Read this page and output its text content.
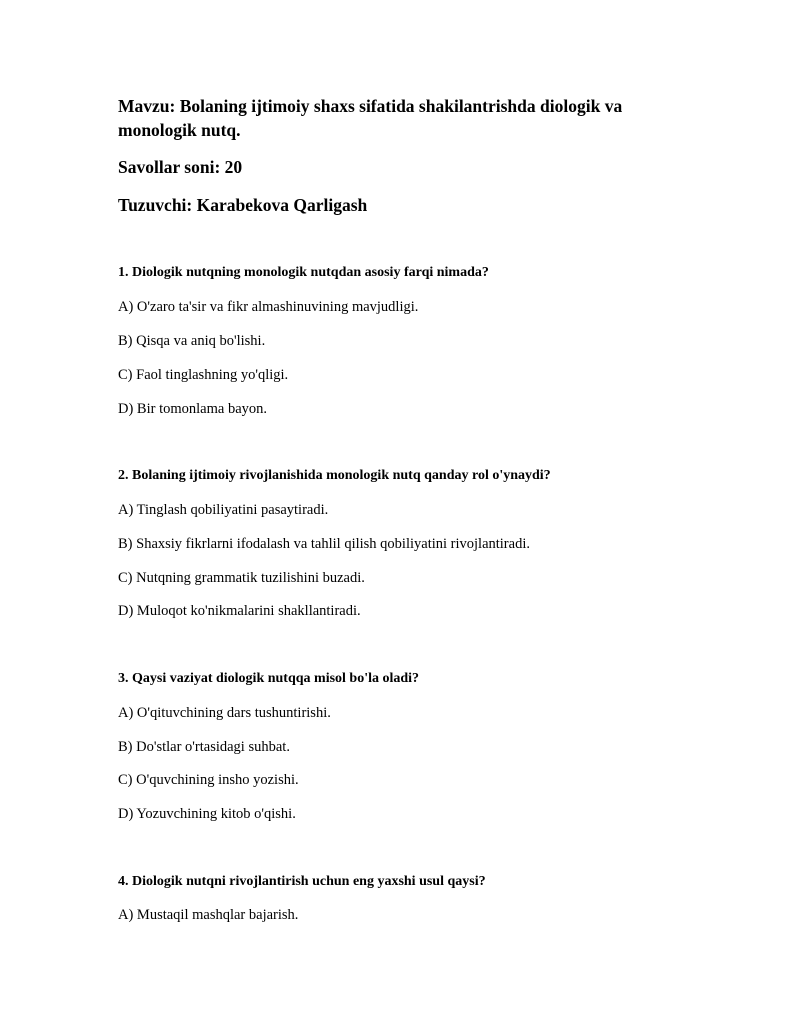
Mavzu: Bolaning ijtimoiy shaxs sifatida shakilantrishda diologik va

monologik nutq.

Savollar soni: 20

Tuzuvchi: Karabekova Qarligash

1. Diologik nutqning monologik nutqdan asosiy farqi nimada?

A) O'zaro ta'sir va fikr almashinuvining mavjudligi.

B) Qisqa va aniq bo'lishi.

C) Faol tinglashning yo'qligi.

D) Bir tomonlama bayon.

2. Bolaning ijtimoiy rivojlanishida monologik nutq qanday rol o'ynaydi?

A) Tinglash qobiliyatini pasaytiradi.

B) Shaxsiy fikrlarni ifodalash va tahlil qilish qobiliyatini rivojlantiradi.

C) Nutqning grammatik tuzilishini buzadi.

D) Muloqot ko'nikmalarini shakllantiradi.

3. Qaysi vaziyat diologik nutqqa misol bo'la oladi?

A) O'qituvchining dars tushuntirishi.

B) Do'stlar o'rtasidagi suhbat.

C) O'quvchining insho yozishi.

D) Yozuvchining kitob o'qishi.

4. Diologik nutqni rivojlantirish uchun eng yaxshi usul qaysi?

A) Mustaqil mashqlar bajarish.
